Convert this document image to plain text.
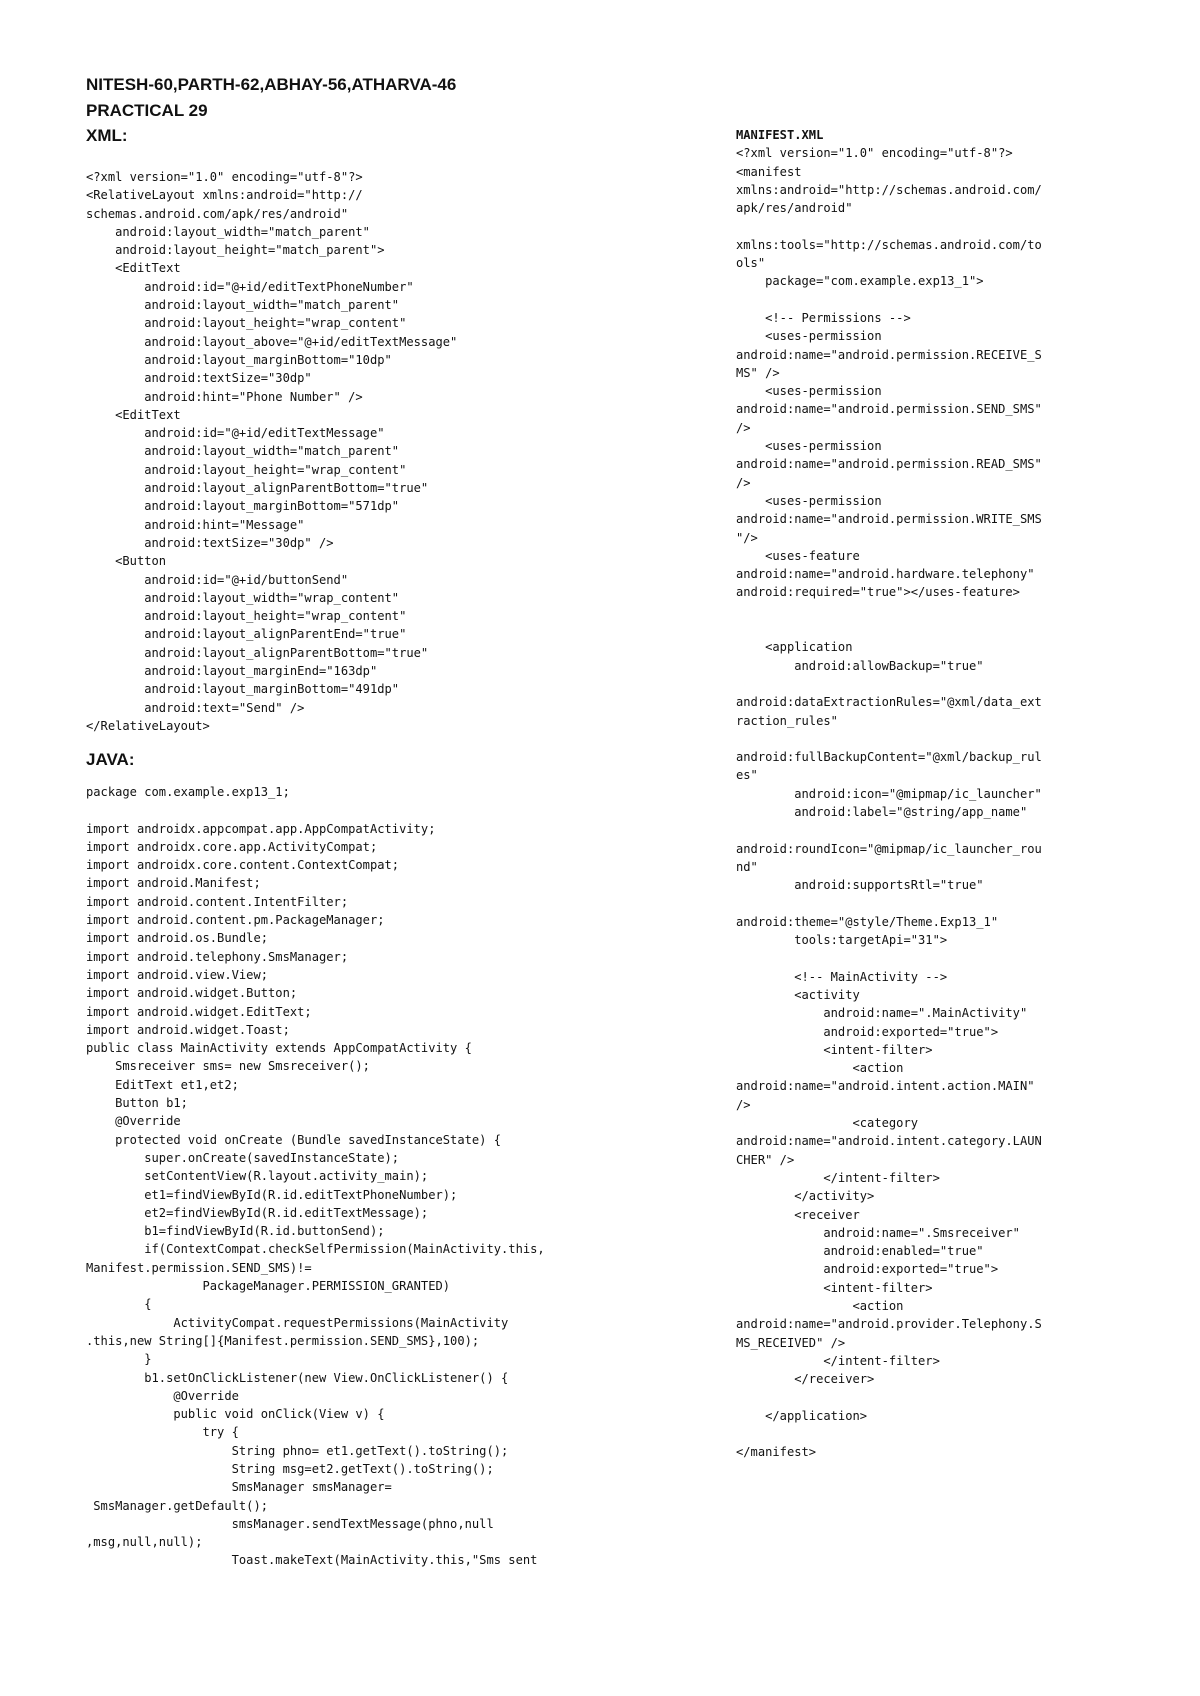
NITESH-60,PARTH-62,ABHAY-56,ATHARVA-46
PRACTICAL 29
XML:
<?xml version="1.0" encoding="utf-8"?>
<RelativeLayout xmlns:android="http://
schemas.android.com/apk/res/android"
android:layout_width="match_parent"
android:layout_height="match_parent">
<EditText
android:id="@+id/editTextPhoneNumber"
android:layout_width="match_parent"
android:layout_height="wrap_content"
android:layout_above="@+id/editTextMessage"
android:layout_marginBottom="10dp"
android:textSize="30dp"
android:hint="Phone Number" />
<EditText
android:id="@+id/editTextMessage"
android:layout_width="match_parent"
android:layout_height="wrap_content"
android:layout_alignParentBottom="true"
android:layout_marginBottom="571dp"
android:hint="Message"
android:textSize="30dp" />
<Button
android:id="@+id/buttonSend"
android:layout_width="wrap_content"
android:layout_height="wrap_content"
android:layout_alignParentEnd="true"
android:layout_alignParentBottom="true"
android:layout_marginEnd="163dp"
android:layout_marginBottom="491dp"
android:text="Send" />
</RelativeLayout>
JAVA:
package com.example.exp13_1;

import androidx.appcompat.app.AppCompatActivity;
import androidx.core.app.ActivityCompat;
import androidx.core.content.ContextCompat;
import android.Manifest;
import android.content.IntentFilter;
import android.content.pm.PackageManager;
import android.os.Bundle;
import android.telephony.SmsManager;
import android.view.View;
import android.widget.Button;
import android.widget.EditText;
import android.widget.Toast;
public class MainActivity extends AppCompatActivity {
Smsreceiver sms= new Smsreceiver();
EditText et1,et2;
Button b1;
@Override
protected void onCreate (Bundle savedInstanceState) {
super.onCreate(savedInstanceState);
setContentView(R.layout.activity_main);
et1=findViewById(R.id.editTextPhoneNumber);
et2=findViewById(R.id.editTextMessage);
b1=findViewById(R.id.buttonSend);
if(ContextCompat.checkSelfPermission(MainActivity.this,
Manifest.permission.SEND_SMS)!=
PackageManager.PERMISSION_GRANTED)
{
ActivityCompat.requestPermissions(MainActivity
.this,new String[]{Manifest.permission.SEND_SMS},100);
}
b1.setOnClickListener(new View.OnClickListener() {
@Override
public void onClick(View v) {
try {
String phno= et1.getText().toString();
String msg=et2.getText().toString();
SmsManager smsManager=
SmsManager.getDefault();
smsManager.sendTextMessage(phno,null
,msg,null,null);
Toast.makeText(MainActivity.this,"Sms sent
MANIFEST.XML
<?xml version="1.0" encoding="utf-8"?>
<manifest
xmlns:android="http://schemas.android.com/
apk/res/android"

xmlns:tools="http://schemas.android.com/to
ols"
package="com.example.exp13_1">

<!-- Permissions -->
<uses-permission
android:name="android.permission.RECEIVE_S
MS" />
<uses-permission
android:name="android.permission.SEND_SMS"
/>
<uses-permission
android:name="android.permission.READ_SMS"
/>
<uses-permission
android:name="android.permission.WRITE_SMS
"/>
<uses-feature
android:name="android.hardware.telephony"
android:required="true"></uses-feature>

<application
android:allowBackup="true"

android:dataExtractionRules="@xml/data_ext
raction_rules"

android:fullBackupContent="@xml/backup_rul
es"
android:icon="@mipmap/ic_launcher"
android:label="@string/app_name"

android:roundIcon="@mipmap/ic_launcher_rou
nd"
android:supportsRtl="true"

android:theme="@style/Theme.Exp13_1"
tools:targetApi="31">

<!-- MainActivity -->
<activity
android:name=".MainActivity"
android:exported="true">
<intent-filter>
<action
android:name="android.intent.action.MAIN"
/>
<category
android:name="android.intent.category.LAUN
CHER" />
</intent-filter>
</activity>
<receiver
android:name=".Smsreceiver"
android:enabled="true"
android:exported="true">
<intent-filter>
<action
android:name="android.provider.Telephony.S
MS_RECEIVED" />
</intent-filter>
</receiver>

</application>

</manifest>
